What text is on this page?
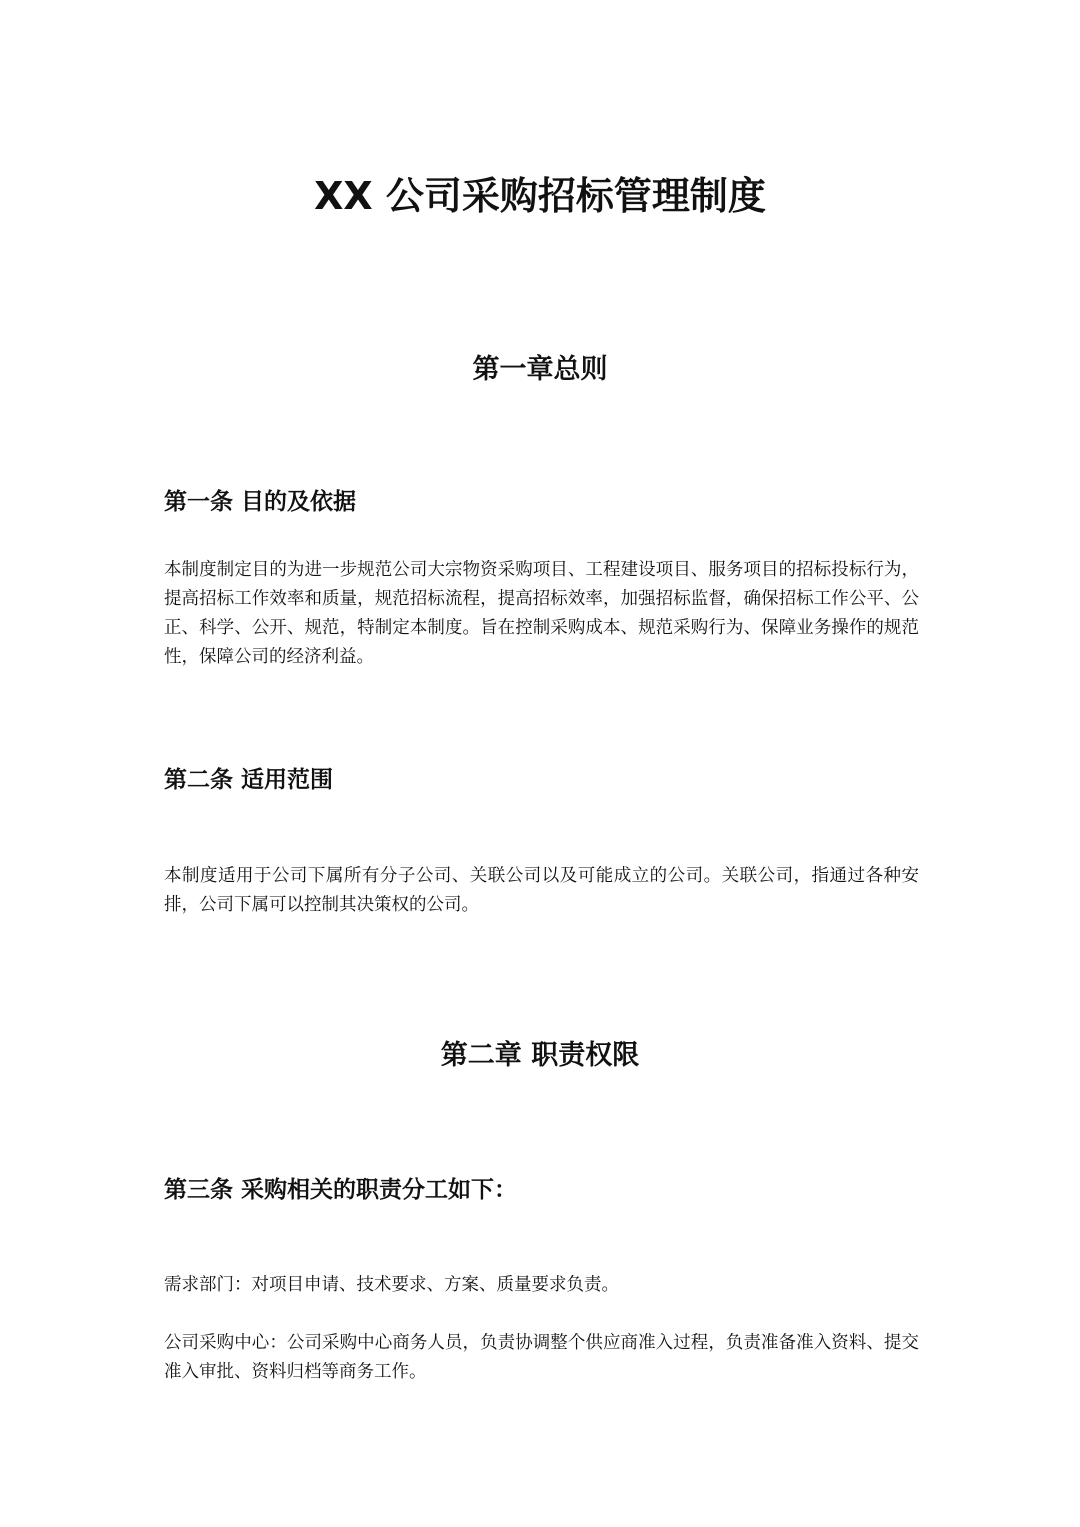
XX 公司采购招标管理制度
第一章总则
第一条 目的及依据

本制度制定目的为进一步规范公司大宗物资采购项目、工程建设项目、服务项目的招标投标行为，提高招标工作效率和质量，规范招标流程，提高招标效率，加强招标监督，确保招标工作公平、公正、科学、公开、规范，特制定本制度。旨在控制采购成本、规范采购行为、保障业务操作的规范性，保障公司的经济利益。

第二条 适用范围

本制度适用于公司下属所有分子公司、关联公司以及可能成立的公司。关联公司，指通过各种安排，公司下属可以控制其决策权的公司。

第二章 职责权限
第三条 采购相关的职责分工如下：

需求部门：对项目申请、技术要求、方案、质量要求负责。

公司采购中心：公司采购中心商务人员，负责协调整个供应商准入过程，负责准备准入资料、提交准入审批、资料归档等商务工作。
